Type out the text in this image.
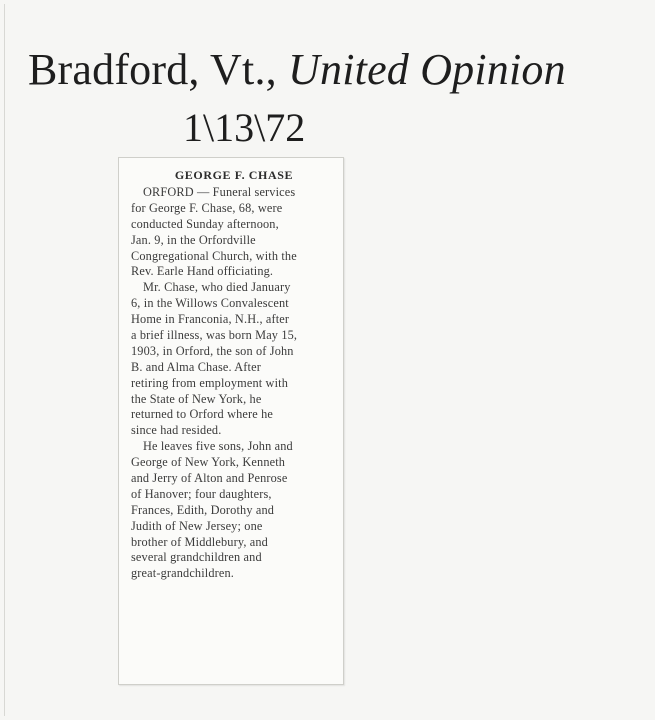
Bradford, Vt., United Opinion
1\13\72
GEORGE F. CHASE
ORFORD — Funeral services
for George F. Chase, 68, were
conducted Sunday afternoon,
Jan. 9, in the Orfordville
Congregational Church, with the
Rev. Earle Hand officiating.
Mr. Chase, who died January
6, in the Willows Convalescent
Home in Franconia, N.H., after
a brief illness, was born May 15,
1903, in Orford, the son of John
B. and Alma Chase. After
retiring from employment with
the State of New York, he
returned to Orford where he
since had resided.
He leaves five sons, John and
George of New York, Kenneth
and Jerry of Alton and Penrose
of Hanover; four daughters,
Frances, Edith, Dorothy and
Judith of New Jersey; one
brother of Middlebury, and
several grandchildren and
great-grandchildren.
